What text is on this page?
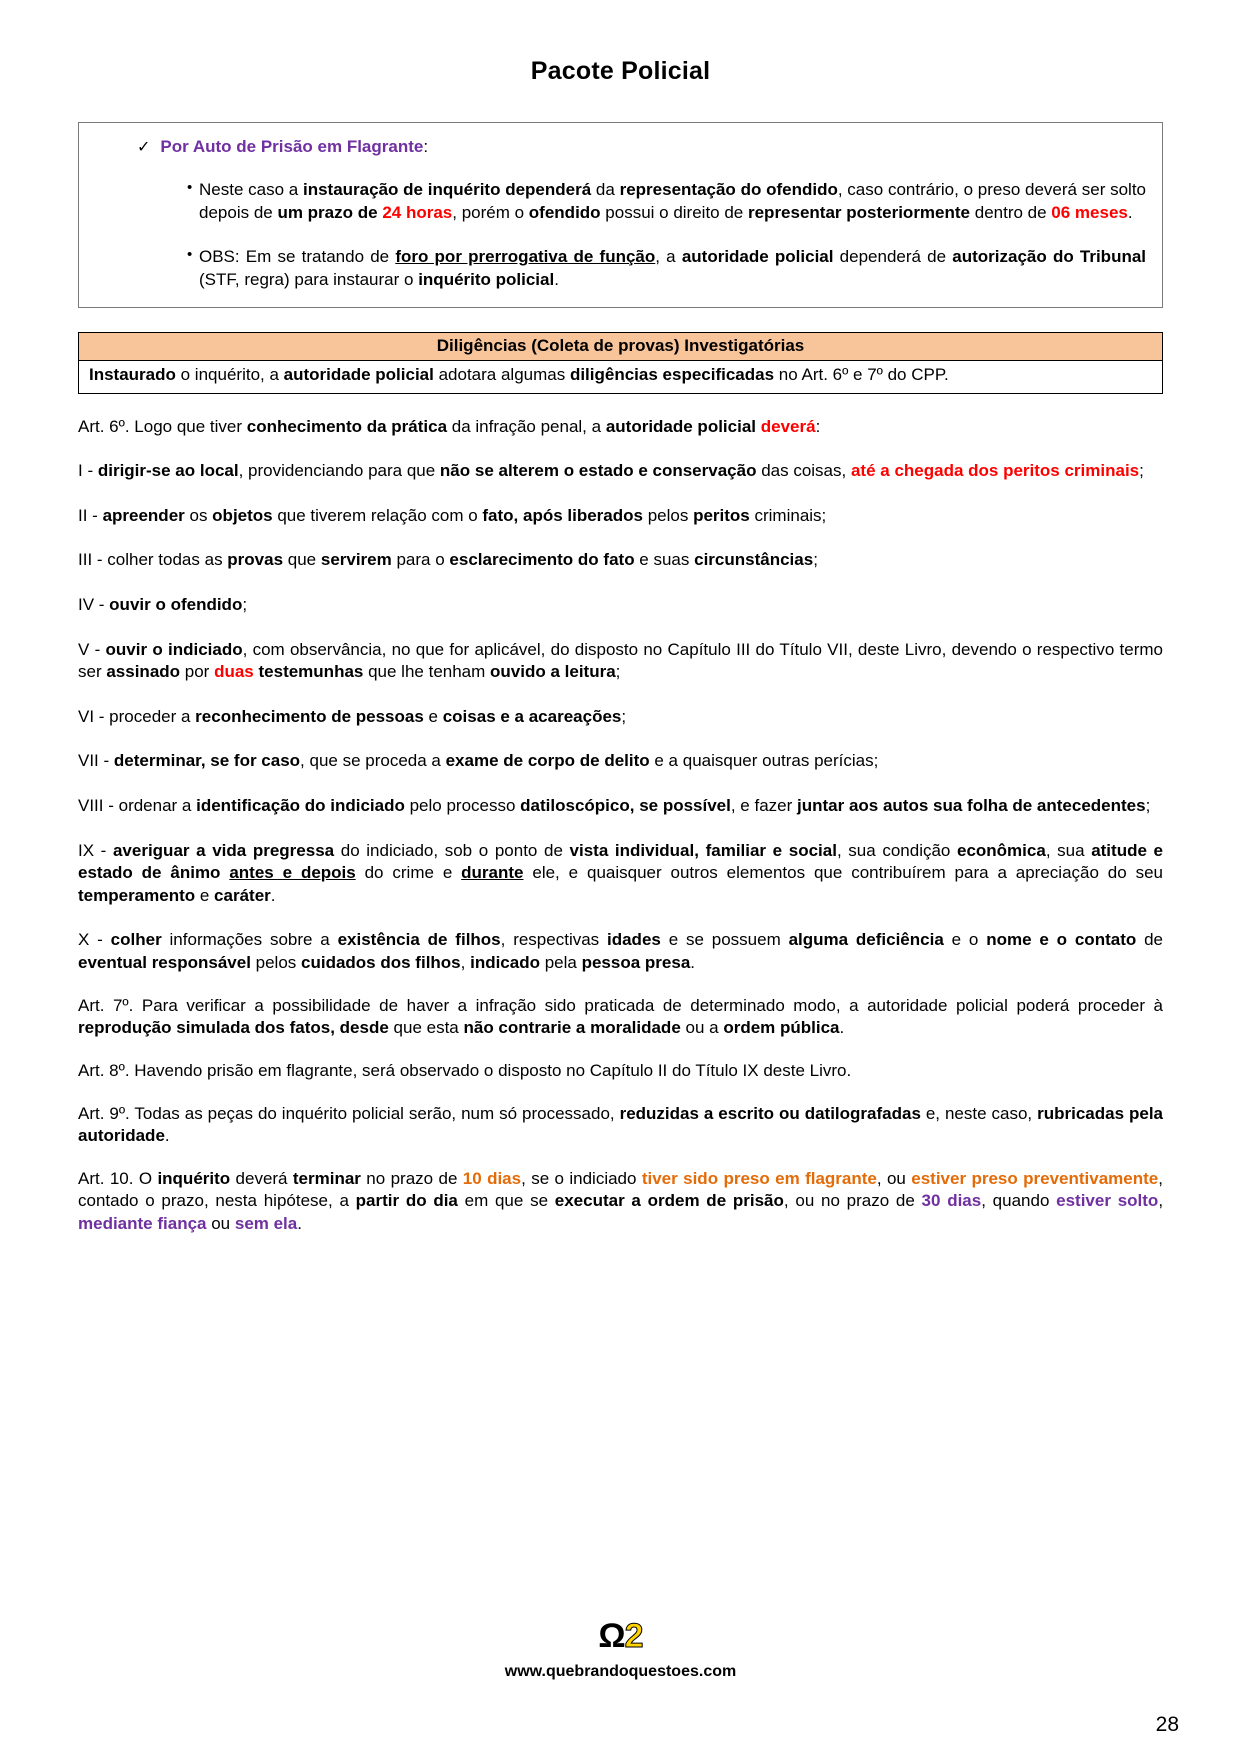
Pacote Policial
✓ Por Auto de Prisão em Flagrante:
• Neste caso a instauração de inquérito dependerá da representação do ofendido, caso contrário, o preso deverá ser solto depois de um prazo de 24 horas, porém o ofendido possui o direito de representar posteriormente dentro de 06 meses.
• OBS: Em se tratando de foro por prerrogativa de função, a autoridade policial dependerá de autorização do Tribunal (STF, regra) para instaurar o inquérito policial.
Diligências (Coleta de provas) Investigatórias
Instaurado o inquérito, a autoridade policial adotara algumas diligências especificadas no Art. 6º e 7º do CPP.
Art. 6º. Logo que tiver conhecimento da prática da infração penal, a autoridade policial deverá:
I - dirigir-se ao local, providenciando para que não se alterem o estado e conservação das coisas, até a chegada dos peritos criminais;
II - apreender os objetos que tiverem relação com o fato, após liberados pelos peritos criminais;
III - colher todas as provas que servirem para o esclarecimento do fato e suas circunstâncias;
IV - ouvir o ofendido;
V - ouvir o indiciado, com observância, no que for aplicável, do disposto no Capítulo III do Título VII, deste Livro, devendo o respectivo termo ser assinado por duas testemunhas que lhe tenham ouvido a leitura;
VI - proceder a reconhecimento de pessoas e coisas e a acareações;
VII - determinar, se for caso, que se proceda a exame de corpo de delito e a quaisquer outras perícias;
VIII - ordenar a identificação do indiciado pelo processo datiloscópico, se possível, e fazer juntar aos autos sua folha de antecedentes;
IX - averiguar a vida pregressa do indiciado, sob o ponto de vista individual, familiar e social, sua condição econômica, sua atitude e estado de ânimo antes e depois do crime e durante ele, e quaisquer outros elementos que contribuírem para a apreciação do seu temperamento e caráter.
X - colher informações sobre a existência de filhos, respectivas idades e se possuem alguma deficiência e o nome e o contato de eventual responsável pelos cuidados dos filhos, indicado pela pessoa presa.
Art. 7º. Para verificar a possibilidade de haver a infração sido praticada de determinado modo, a autoridade policial poderá proceder à reprodução simulada dos fatos, desde que esta não contrarie a moralidade ou a ordem pública.
Art. 8º. Havendo prisão em flagrante, será observado o disposto no Capítulo II do Título IX deste Livro.
Art. 9º. Todas as peças do inquérito policial serão, num só processado, reduzidas a escrito ou datilografadas e, neste caso, rubricadas pela autoridade.
Art. 10. O inquérito deverá terminar no prazo de 10 dias, se o indiciado tiver sido preso em flagrante, ou estiver preso preventivamente, contado o prazo, nesta hipótese, a partir do dia em que se executar a ordem de prisão, ou no prazo de 30 dias, quando estiver solto, mediante fiança ou sem ela.
Ω2
www.quebrandoquestoes.com
28
